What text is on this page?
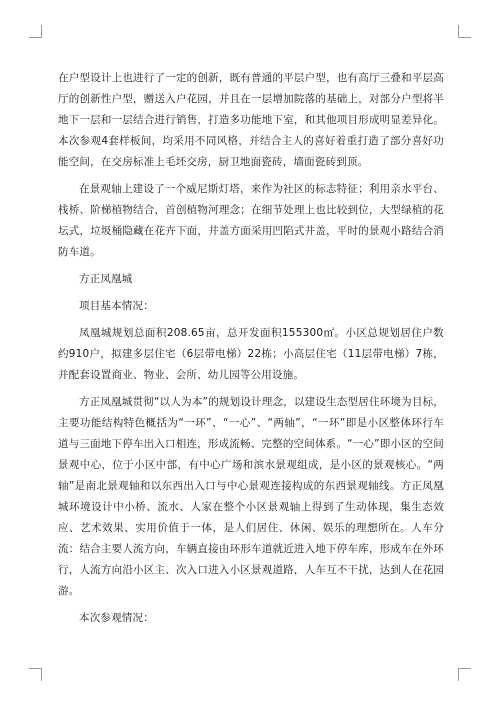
在户型设计上也进行了一定的创新，既有普通的平层户型，也有高厅三叠和平层高厅的创新性户型，赠送入户花园，并且在一层增加院落的基础上，对部分户型将半地下一层和一层结合进行销售，打造多功能地下室，和其他项目形成明显差异化。本次参观4套样板间，均采用不同风格，并结合主人的喜好着重打造了部分喜好功能空间，在交房标准上毛坯交房，厨卫地面瓷砖，墙面瓷砖到顶。

在景观轴上建设了一个威尼斯灯塔，来作为社区的标志特征；利用亲水平台、栈桥、阶梯植物结合，首创植物河理念；在细节处理上也比较到位，大型绿植的花坛式，垃圾桶隐藏在花卉下面，井盖方面采用凹陷式井盖，平时的景观小路结合消防车道。

方正凤凰城

项目基本情况：

凤凰城规划总面积208.65亩，总开发面积155300㎡。小区总规划居住户数约910户，拟建多层住宅（6层带电梯）22栋；小高层住宅（11层带电梯）7栋，并配套设置商业、物业、会所、幼儿园等公用设施。

方正凤凰城贯彻“以人为本”的规划设计理念，以建设生态型居住环境为目标，主要功能结构特色概括为“一环”、“一心”、“两轴”，“一环”即是小区整体环行车道与三面地下停车出入口相连，形成流畅、完整的空间体系。“一心”即小区的空间景观中心，位于小区中部，有中心广场和滨水景观组成，是小区的景观核心。“两轴”是南北景观轴和以东西出入口与中心景观连接构成的东西景观轴线。方正凤凰城环境设计中小桥、流水、人家在整个小区景观轴上得到了生动体现，集生态效应、艺术效果、实用价值于一体，是人们居住、休闲、娱乐的理想所在。人车分流：结合主要人流方向，车辆直接由环形车道就近进入地下停车库，形成车在外环行，人流方向沿小区主、次入口进入小区景观道路，人车互不干扰，达到人在花园游。

本次参观情况：
